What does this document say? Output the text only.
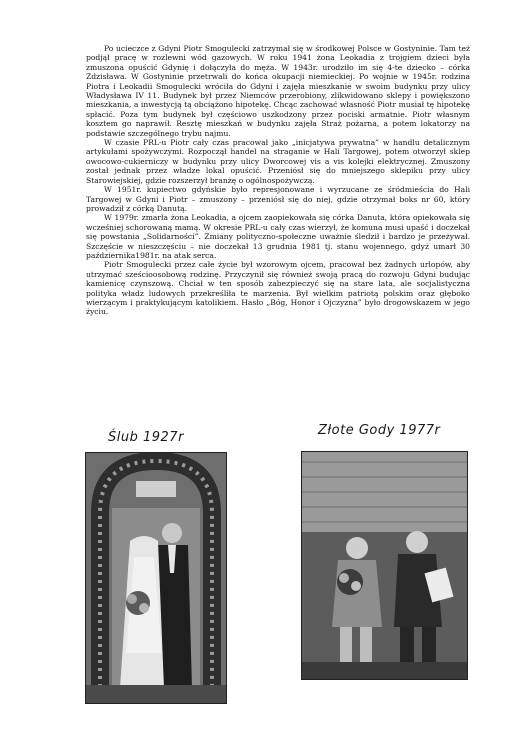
Po ucieczce z Gdyni Piotr Smogulecki zatrzymał się w środkowej Polsce w Gostyninie. Tam też podjął pracę w rozlewni wód gazowych. W roku 1941 żona Leokadia z trojgiem dzieci była zmuszona opuścić Gdynię i dołączyła do męża. W 1943r. urodziło im się 4-te dziecko – córka Zdzisława. W Gostyninie przetrwali do końca okupacji niemieckiej. Po wojnie w 1945r. rodzina Piotra i Leokadii Smogulecki wróciła do Gdyni i zajęła mieszkanie w swoim budynku przy ulicy Władysława IV 11. Budynek był przez Niemców przerobiony, zlikwidowano sklepy i powiększono mieszkania, a inwestycją tą obciążono hipotekę. Chcąc zachować własność Piotr musiał tę hipotekę spłacić. Poza tym budynek był częściowo uszkodzony przez pociski armatnie. Piotr własnym kosztem go naprawił. Resztę mieszkań w budynku zajęła Straż pożarna, a potem lokatorzy na podstawie szczególnego trybu najmu.

W czasie PRL-u Piotr cały czas pracował jako „inicjatywa prywatna” w handlu detalicznym artykułami spożywczymi. Rozpoczął handel na straganie w Hali Targowej, potem otworzył sklep owocowo-cukierniczy w budynku przy ulicy Dworcowej vis a vis kolejki elektrycznej. Zmuszony został jednak przez władze lokal opuścić. Przeniósł się do mniejszego sklepiku przy ulicy Starowiejskiej, gdzie rozszerzył branżę o ogólnospożywczą.

W 1951r. kupiectwo gdyńskie było represjonowane i wyrzucane ze śródmieścia do Hali Targowej w Gdyni i Piotr – zmuszony – przeniósł się do niej, gdzie otrzymał boks nr 60, który prowadził z córką Danutą.

W 1979r. zmarła żona Leokadia, a ojcem zaopiekowała się córka Danuta, która opiekowała się wcześniej schorowaną mamą. W okresie PRL-u cały czas wierzył, że komuna musi upaść i doczekał się powstania „Solidarności”. Zmiany polityczno-społeczne uważnie śledził i bardzo je przeżywał. Szczęście w nieszczęściu – nie doczekał 13 grudnia 1981 tj. stanu wojennego, gdyż umarł 30 października1981r. na atak serca.

Piotr Smogulecki przez całe życie był wzorowym ojcem, pracował bez żadnych urlopów, aby utrzymać sześcioosobową rodzinę. Przyczynił się również swoją pracą do rozwoju Gdyni budując kamienicę czynszową. Chciał w ten sposób zabezpieczyć się na stare lata, ale socjalistyczna polityka władz ludowych przekreśliła te marzenia. Był wielkim patriotą polskim oraz głęboko wierzącym i praktykującym katolikiem. Hasło „Bóg, Honor i Ojczyzna” było drogowskazem w jego życiu.

Ślub 1927r	Złote Gody 1977r
